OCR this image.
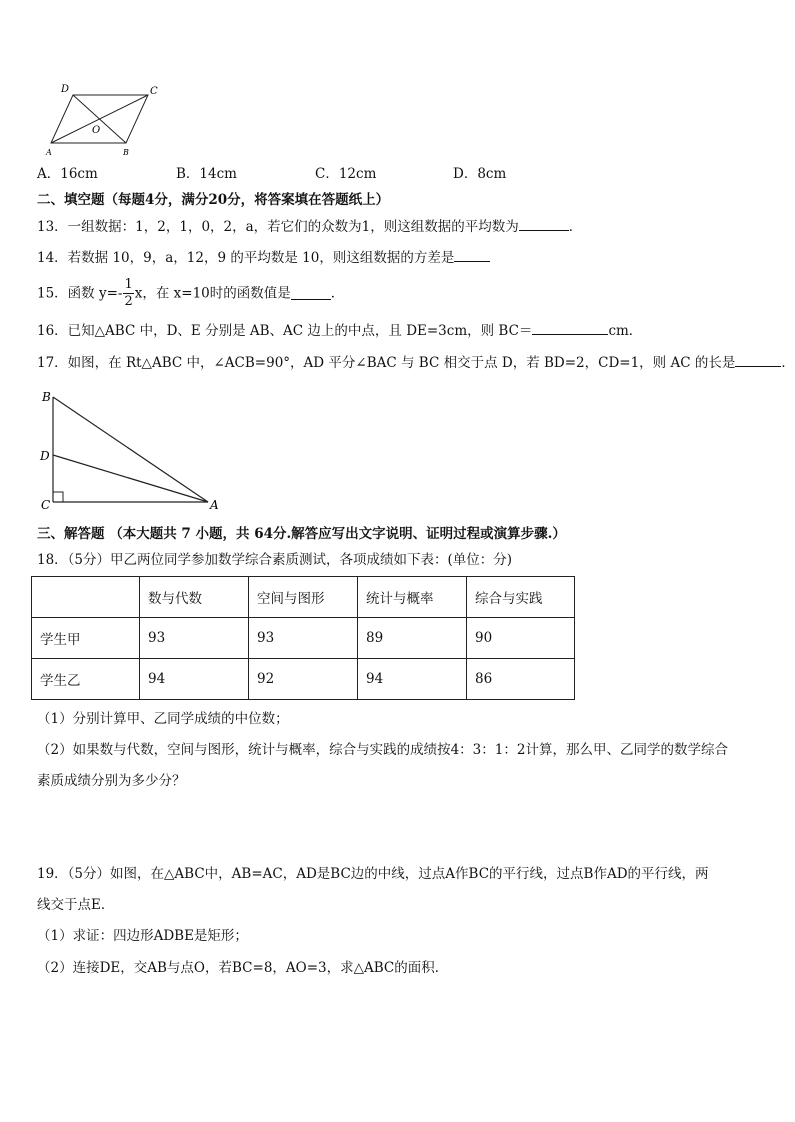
D	C
O
A	B
A．16cm	B．14cm	C．12cm	D．8cm
二、填空题（每题4分，满分20分，将答案填在答题纸上）
13．一组数据：1，2，1，0，2，a，若它们的众数为1，则这组数据的平均数为	．
14．若数据 10，9，a，12，9 的平均数是 10，则这组数据的方差是
15．函数 $y=- \frac{1}{2}$ x，在 x=10时的函数值是	．
16．已知△ABC 中，D、E 分别是 AB、AC 边上的中点，且 DE=3cm，则 BC＝	cm．
17．如图，在 Rt△ABC 中，∠ACB=90°，AD 平分∠BAC 与 BC 相交于点 D，若 BD=2，CD=1，则 AC 的长是	．
B
D
C	A
三、解答题 （本大题共 7 小题，共 64分.解答应写出文字说明、证明过程或演算步骤.）
18．（5分）甲乙两位同学参加数学综合素质测试，各项成绩如下表：(单位：分)
	数与代数	空间与图形	统计与概率	综合与实践
学生甲	93	93	89	90
学生乙	94	92	94	86
（1）分别计算甲、乙同学成绩的中位数；
（2）如果数与代数，空间与图形，统计与概率，综合与实践的成绩按4：3：1：2计算，那么甲、乙同学的数学综合
素质成绩分别为多少分？
19．（5分）如图，在△ABC中，AB=AC，AD是BC边的中线，过点A作BC的平行线，过点B作AD的平行线，两
线交于点E．
（1）求证：四边形ADBE是矩形；
（2）连接DE，交AB与点O，若BC=8，AO=3，求△ABC的面积．
